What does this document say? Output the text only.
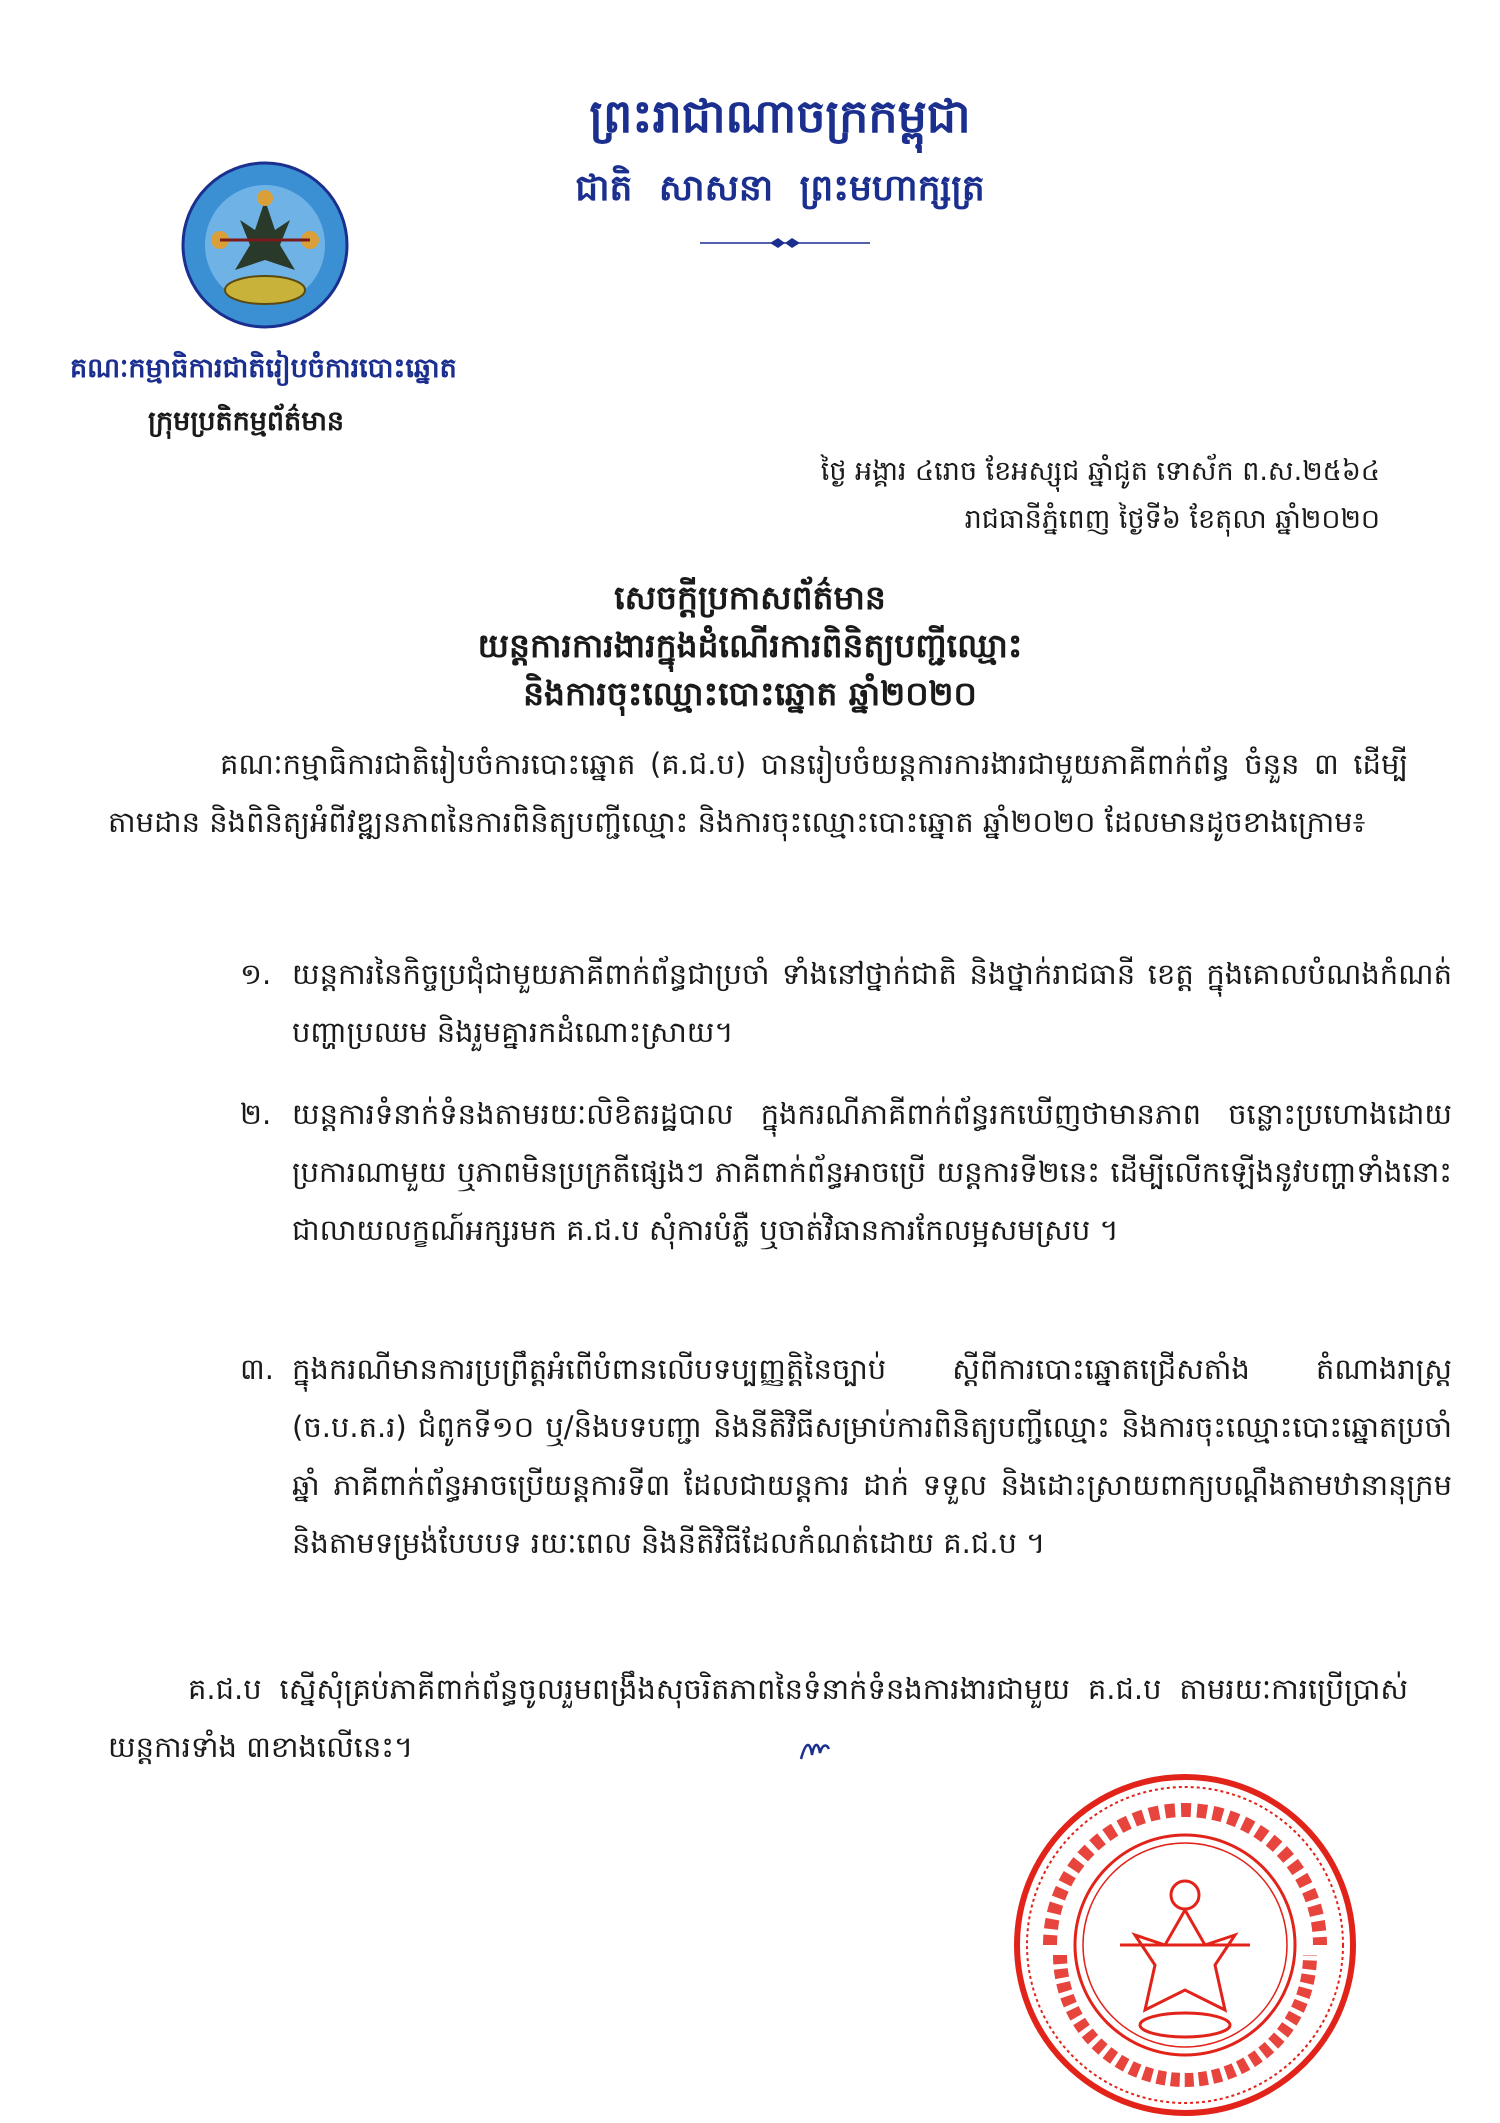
ព្រះរាជាណាចក្រកម្ពុជា
ជាតិ សាសនា ព្រះមហាក្សត្រ
គណៈកម្មាធិការជាតិរៀបចំការបោះឆ្នោត
ក្រុមប្រតិកម្មព័ត៌មាន
ថ្ងៃ អង្គារ ៤រោច ខែអស្សុជ ឆ្នាំជូត ទោស័ក ព.ស.២៥៦៤
រាជធានីភ្នំពេញ ថ្ងៃទី៦ ខែតុលា ឆ្នាំ២០២០
សេចក្ដីប្រកាសព័ត៌មាន
យន្តការការងារក្នុងដំណើរការពិនិត្យបញ្ជីឈ្មោះ
និងការចុះឈ្មោះបោះឆ្នោត ឆ្នាំ២០២០
គណៈកម្មាធិការជាតិរៀបចំការបោះឆ្នោត (គ.ជ.ប) បានរៀបចំយន្តការការងារជាមួយភាគីពាក់ព័ន្ធ ចំនួន ៣ ដើម្បីតាមដាន និងពិនិត្យអំពីវឌ្ឍនភាពនៃការពិនិត្យបញ្ជីឈ្មោះ និងការចុះឈ្មោះបោះឆ្នោត ឆ្នាំ២០២០ ដែលមានដូចខាងក្រោម៖
១. យន្តការនៃកិច្ចប្រជុំជាមួយភាគីពាក់ព័ន្ធជាប្រចាំ ទាំងនៅថ្នាក់ជាតិ និងថ្នាក់រាជធានី ខេត្ត ក្នុងគោលបំណងកំណត់បញ្ហាប្រឈម និងរួមគ្នារកដំណោះស្រាយ។
២. យន្តការទំនាក់ទំនងតាមរយៈលិខិតរដ្ឋបាល ក្នុងករណីភាគីពាក់ព័ន្ធរកឃើញថាមានភាព ចន្លោះប្រហោងដោយប្រការណាមួយ ឬភាពមិនប្រក្រតីផ្សេងៗ ភាគីពាក់ព័ន្ធអាចប្រើ យន្តការទី២នេះ ដើម្បីលើកឡើងនូវបញ្ហាទាំងនោះជាលាយលក្ខណ៍អក្សរមក គ.ជ.ប សុំការបំភ្លឺ ឬចាត់វិធានការកែលម្អសមស្រប ។
៣. ក្នុងករណីមានការប្រព្រឹត្តអំពើបំពានលើបទប្បញ្ញត្តិនៃច្បាប់ ស្ដីពីការបោះឆ្នោតជ្រើសតាំង តំណាងរាស្ត្រ (ច.ប.ត.រ) ជំពូកទី១០ ឬ/និងបទបញ្ជា និងនីតិវិធីសម្រាប់ការពិនិត្យបញ្ជីឈ្មោះ និងការចុះឈ្មោះបោះឆ្នោតប្រចាំឆ្នាំ ភាគីពាក់ព័ន្ធអាចប្រើយន្តការទី៣ ដែលជាយន្តការ ដាក់ ទទួល និងដោះស្រាយពាក្យបណ្ដឹងតាមឋានានុក្រម និងតាមទម្រង់បែបបទ រយៈពេល និងនីតិវិធីដែលកំណត់ដោយ គ.ជ.ប ។
គ.ជ.ប ស្នើសុំគ្រប់ភាគីពាក់ព័ន្ធចូលរួមពង្រឹងសុចរិតភាពនៃទំនាក់ទំនងការងារជាមួយ គ.ជ.ប តាមរយៈការប្រើប្រាស់យន្តការទាំង ៣ខាងលើនេះ។
